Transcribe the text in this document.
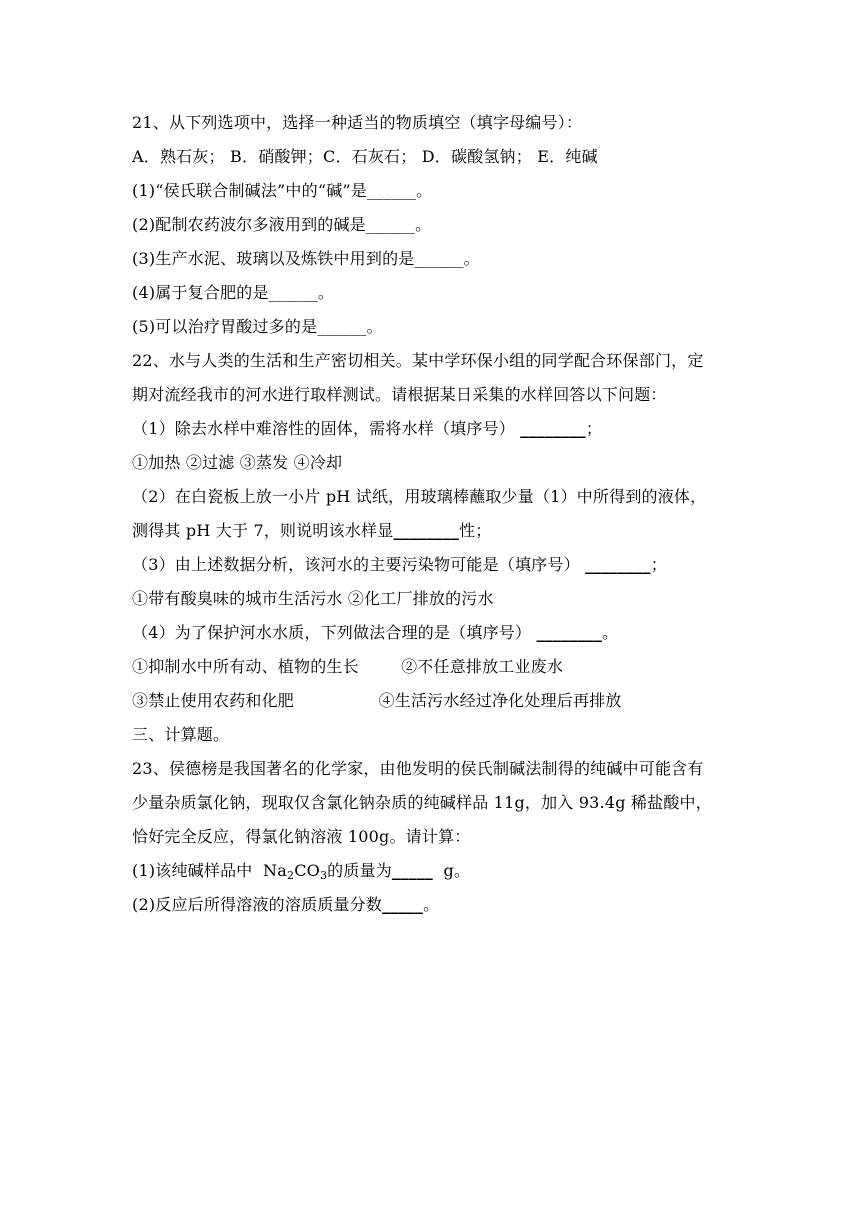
21、从下列选项中，选择一种适当的物质填空（填字母编号）：
A．熟石灰； B．硝酸钾；C．石灰石； D．碳酸氢钠； E．纯碱
(1)“侯氏联合制碱法”中的“碱”是______。
(2)配制农药波尔多液用到的碱是______。
(3)生产水泥、玻璃以及炼铁中用到的是______。
(4)属于复合肥的是______。
(5)可以治疗胃酸过多的是______。
22、水与人类的生活和生产密切相关。某中学环保小组的同学配合环保部门，定
期对流经我市的河水进行取样测试。请根据某日采集的水样回答以下问题：
（1）除去水样中难溶性的固体，需将水样（填序号） ________；
①加热 ②过滤 ③蒸发 ④冷却
（2）在白瓷板上放一小片 pH 试纸，用玻璃棒蘸取少量（1）中所得到的液体，
测得其 pH 大于 7，则说明该水样显________性；
（3）由上述数据分析，该河水的主要污染物可能是（填序号） ________；
①带有酸臭味的城市生活污水 ②化工厂排放的污水
（4）为了保护河水水质，下列做法合理的是（填序号） ________。
①抑制水中所有动、植物的生长        ②不任意排放工业废水
③禁止使用农药和化肥                ④生活污水经过净化处理后再排放
三、计算题。
23、侯德榜是我国著名的化学家，由他发明的侯氏制碱法制得的纯碱中可能含有
少量杂质氯化钠，现取仅含氯化钠杂质的纯碱样品 11g，加入 93.4g 稀盐酸中，
恰好完全反应，得氯化钠溶液 100g。请计算：
(1)该纯碱样品中  $Na_2CO_3$的质量为_____  g。
(2)反应后所得溶液的溶质质量分数_____。
